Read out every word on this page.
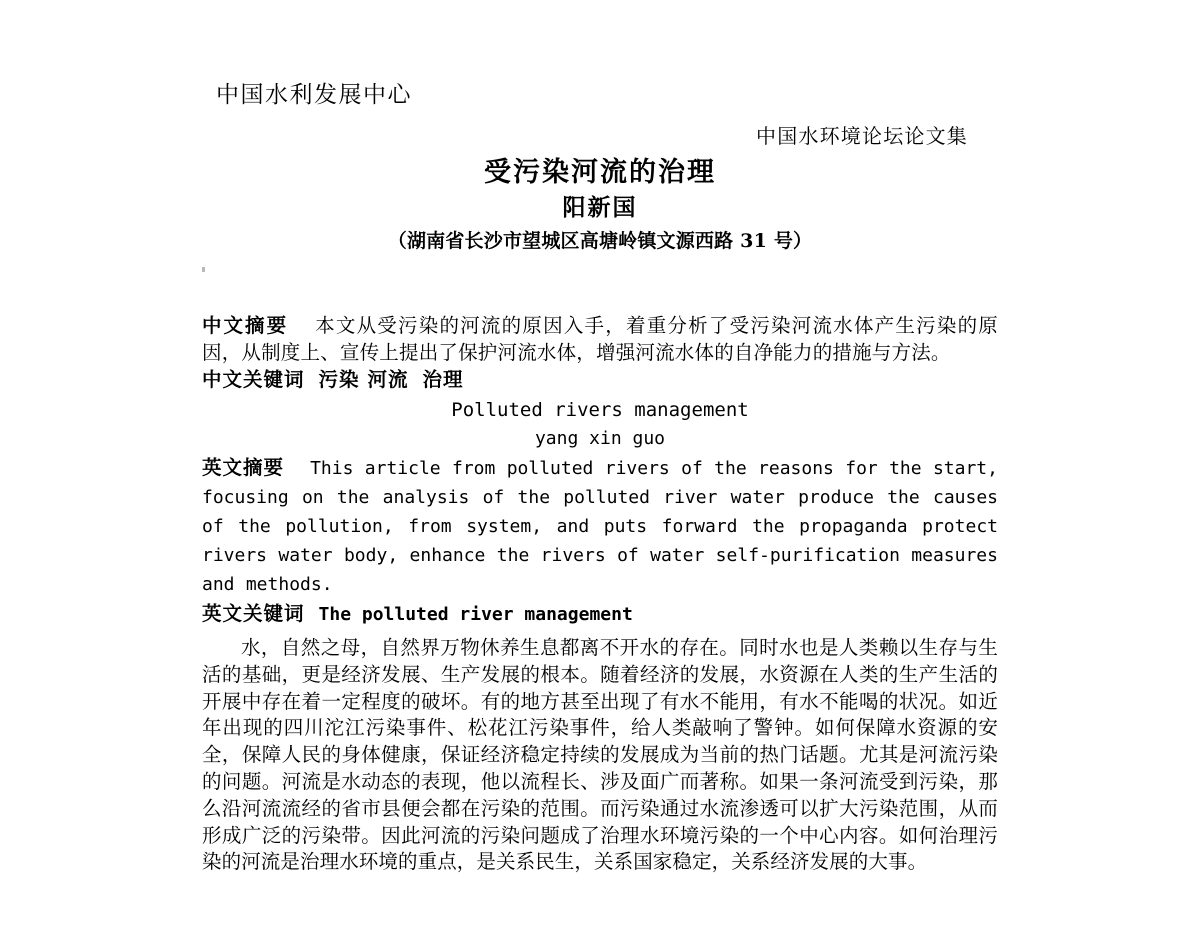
中国水利发展中心
中国水环境论坛论文集
受污染河流的治理
阳新国
（湖南省长沙市望城区高塘岭镇文源西路 31 号）

中文摘要 本文从受污染的河流的原因入手，着重分析了受污染河流水体产生污染的原因，从制度上、宣传上提出了保护河流水体，增强河流水体的自净能力的措施与方法。

中文关键词 污染 河流 治理

Polluted rivers management

yang xin guo

英文摘要 This article from polluted rivers of the reasons for the start, focusing on the analysis of the polluted river water produce the causes of the pollution, from system, and puts forward the propaganda protect rivers water body, enhance the rivers of water self-purification measures and methods.

英文关键词 The polluted river management

水，自然之母，自然界万物休养生息都离不开水的存在。同时水也是人类赖以生存与生活的基础，更是经济发展、生产发展的根本。随着经济的发展，水资源在人类的生产生活的开展中存在着一定程度的破坏。有的地方甚至出现了有水不能用，有水不能喝的状况。如近年出现的四川沱江污染事件、松花江污染事件，给人类敲响了警钟。如何保障水资源的安全，保障人民的身体健康，保证经济稳定持续的发展成为当前的热门话题。尤其是河流污染的问题。河流是水动态的表现，他以流程长、涉及面广而著称。如果一条河流受到污染，那么沿河流流经的省市县便会都在污染的范围。而污染通过水流渗透可以扩大污染范围，从而形成广泛的污染带。因此河流的污染问题成了治理水环境污染的一个中心内容。如何治理污染的河流是治理水环境的重点，是关系民生，关系国家稳定，关系经济发展的大事。
